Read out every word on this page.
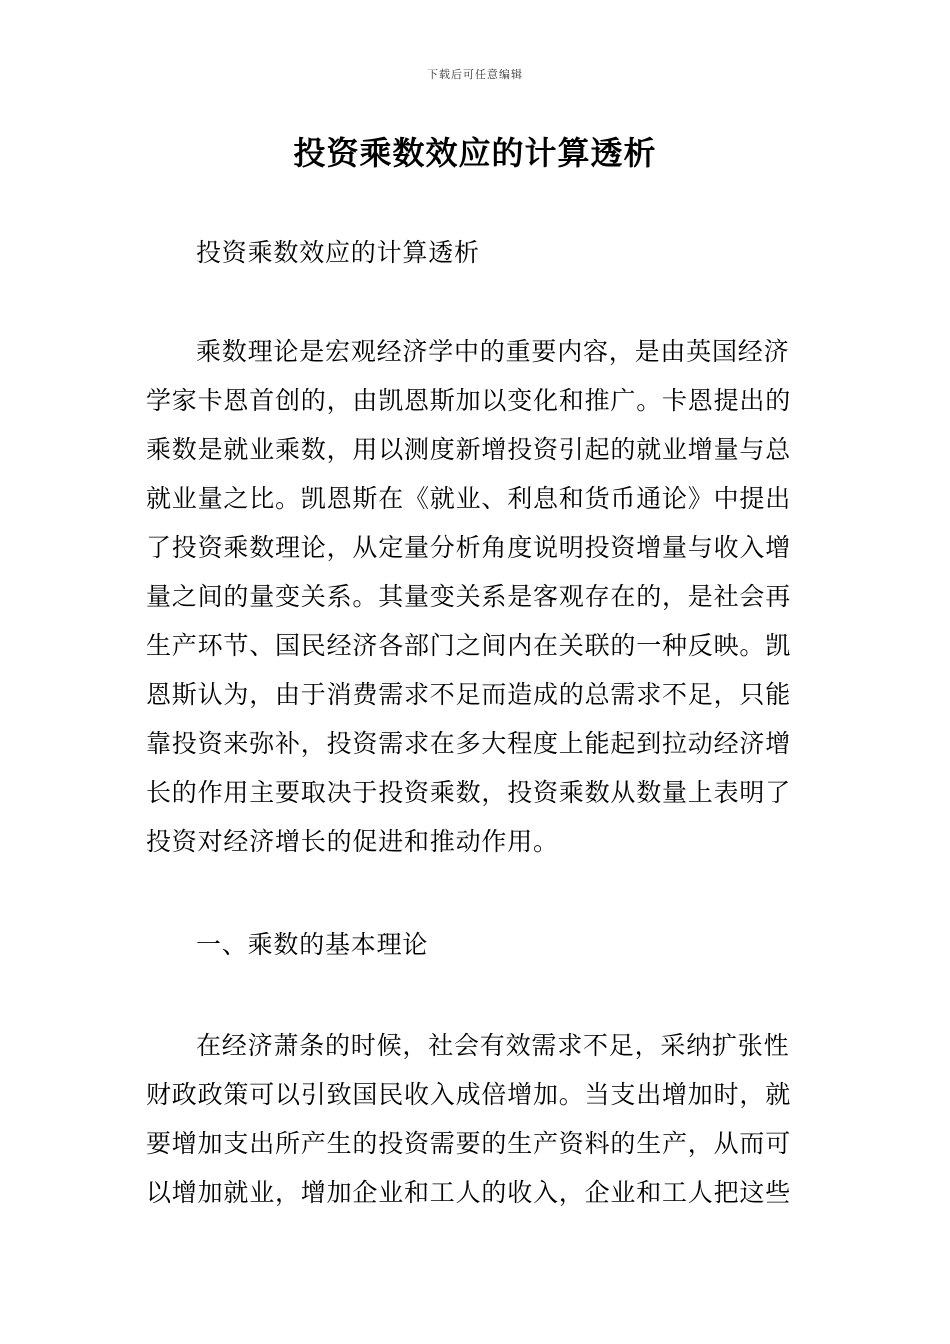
下载后可任意编辑
投资乘数效应的计算透析
投资乘数效应的计算透析
乘数理论是宏观经济学中的重要内容，是由英国经济
学家卡恩首创的，由凯恩斯加以变化和推广。卡恩提出的
乘数是就业乘数，用以测度新增投资引起的就业增量与总
就业量之比。凯恩斯在《就业、利息和货币通论》中提出
了投资乘数理论，从定量分析角度说明投资增量与收入增
量之间的量变关系。其量变关系是客观存在的，是社会再
生产环节、国民经济各部门之间内在关联的一种反映。凯
恩斯认为，由于消费需求不足而造成的总需求不足，只能
靠投资来弥补，投资需求在多大程度上能起到拉动经济增
长的作用主要取决于投资乘数，投资乘数从数量上表明了
投资对经济增长的促进和推动作用。
一、乘数的基本理论
在经济萧条的时候，社会有效需求不足，采纳扩张性
财政政策可以引致国民收入成倍增加。当支出增加时，就
要增加支出所产生的投资需要的生产资料的生产，从而可
以增加就业，增加企业和工人的收入，企业和工人把这些
